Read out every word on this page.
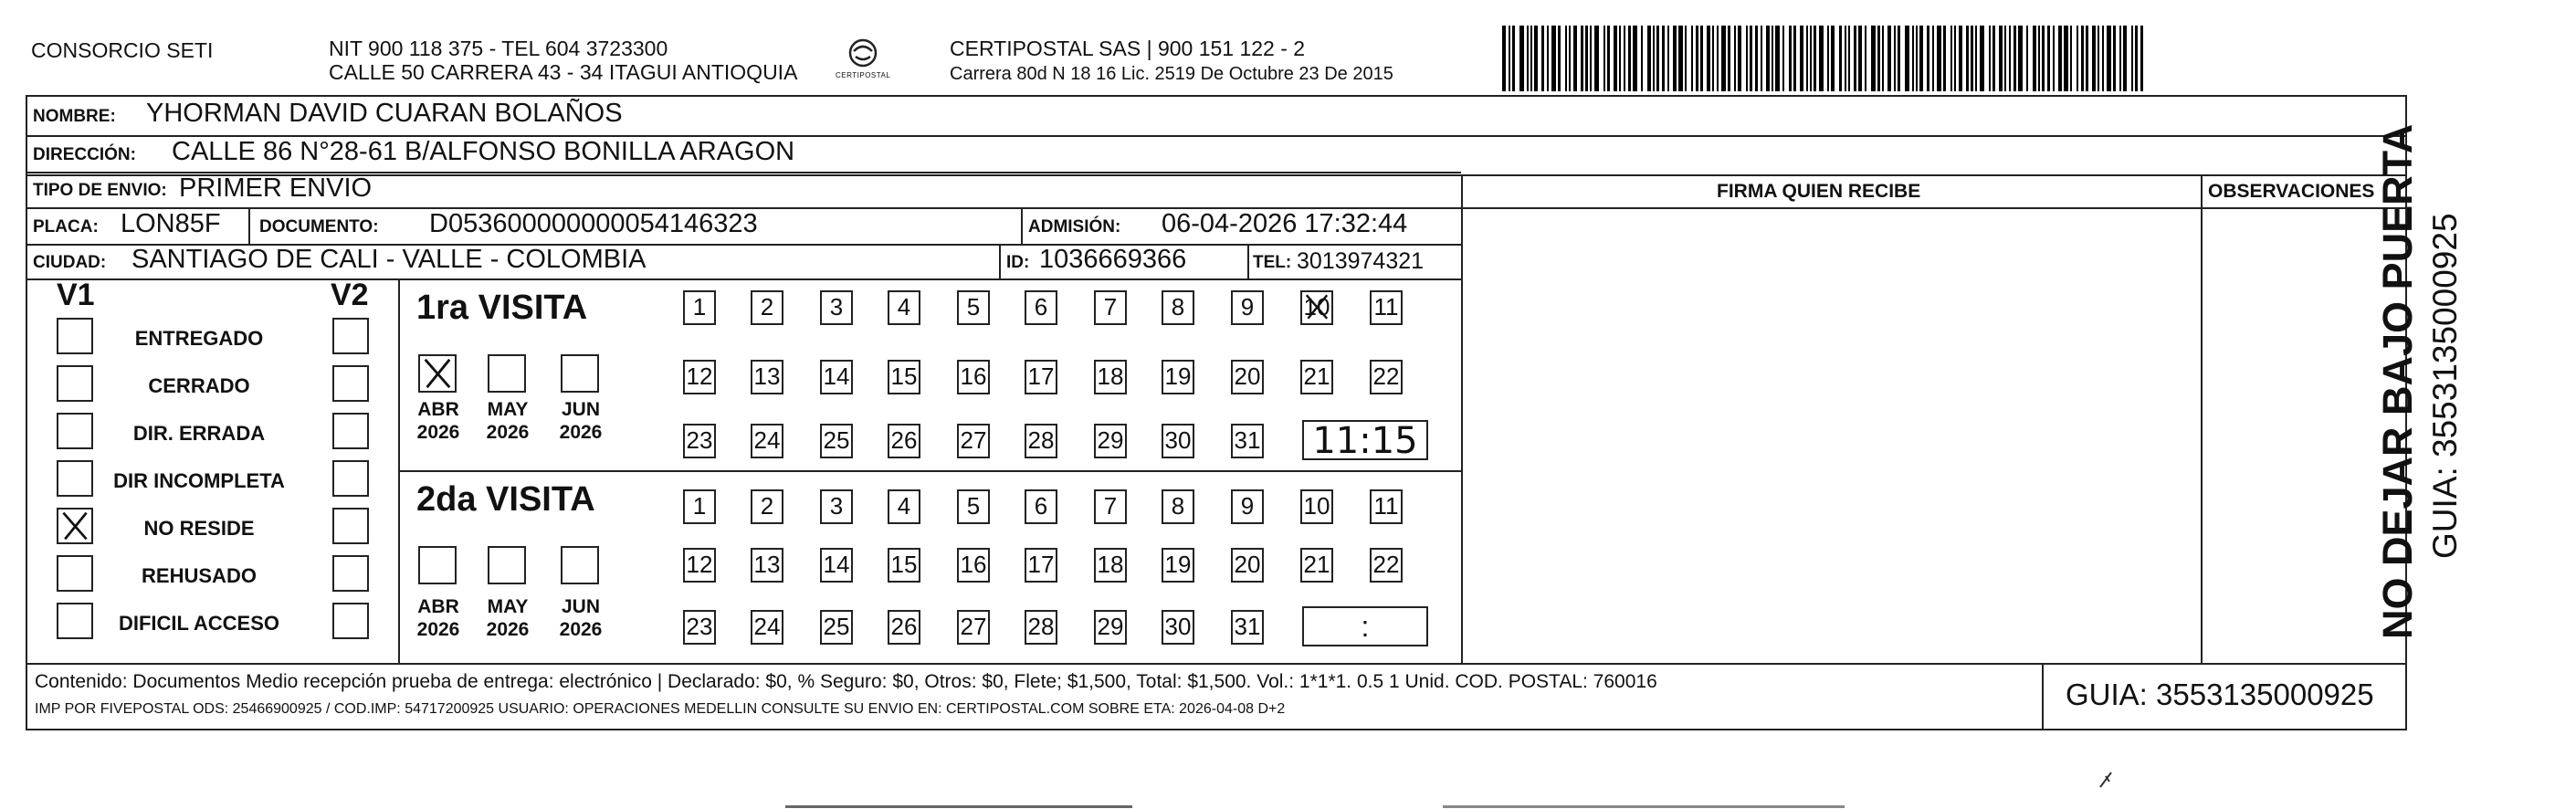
CONSORCIO SETI	NIT 900 118 375 - TEL 604 3723300
CALLE 50 CARRERA 43 - 34 ITAGUI ANTIOQUIA	CERTIPOSTAL
CERTIPOSTAL SAS | 900 151 122 - 2
Carrera 80d N 18 16 Lic. 2519 De Octubre 23 De 2015
NOMBRE: YHORMAN DAVID CUARAN BOLAÑOS
DIRECCIÓN: CALLE 86 N°28-61 B/ALFONSO BONILLA ARAGON
TIPO DE ENVIO: PRIMER ENVIO	FIRMA QUIEN RECIBE	OBSERVACIONES
PLACA: LON85F DOCUMENTO: D053600000000054146323	ADMISIÓN: 06-04-2026 17:32:44
CIUDAD: SANTIAGO DE CALI - VALLE - COLOMBIA	ID: 1036669366	TEL: 3013974321
V1	V2 1ra VISITA
2da VISITA
Contenido: Documentos Medio recepción prueba de entrega: electrónico | Declarado: $0, % Seguro: $0, Otros: $0, Flete; $1,500, Total: $1,500. Vol.: 1*1*1. 0.5 1 Unid. COD. POSTAL: 760016
IMP POR FIVEPOSTAL ODS: 25466900925 / COD.IMP: 54717200925 USUARIO: OPERACIONES MEDELLIN CONSULTE SU ENVIO EN: CERTIPOSTAL.COM SOBRE ETA: 2026-04-08 D+2	GUIA: 3553135000925
NO DEJAR BAJO PUERTA GUIA: 3553135000925
ENTREGADO
CERRADO
DIR. ERRADA
DIR INCOMPLETA
NO RESIDE
REHUSADO
DIFICIL ACCESO
1	2	3	4	5	6	7	8	9	10 11
12 13 14 15 16 17 18 19 20 21 22
23 24 25 26 27 28 29 30 31 11:15
1	2	3	4	5	6	7	8	9	10 11
12 13 14 15 16 17 18 19 20 21 22
23 24 25 26 27 28 29 30 31	:
ABR
2026
MAY
2026
JUN
2026
ABR
2026
MAY
2026
JUN
2026
